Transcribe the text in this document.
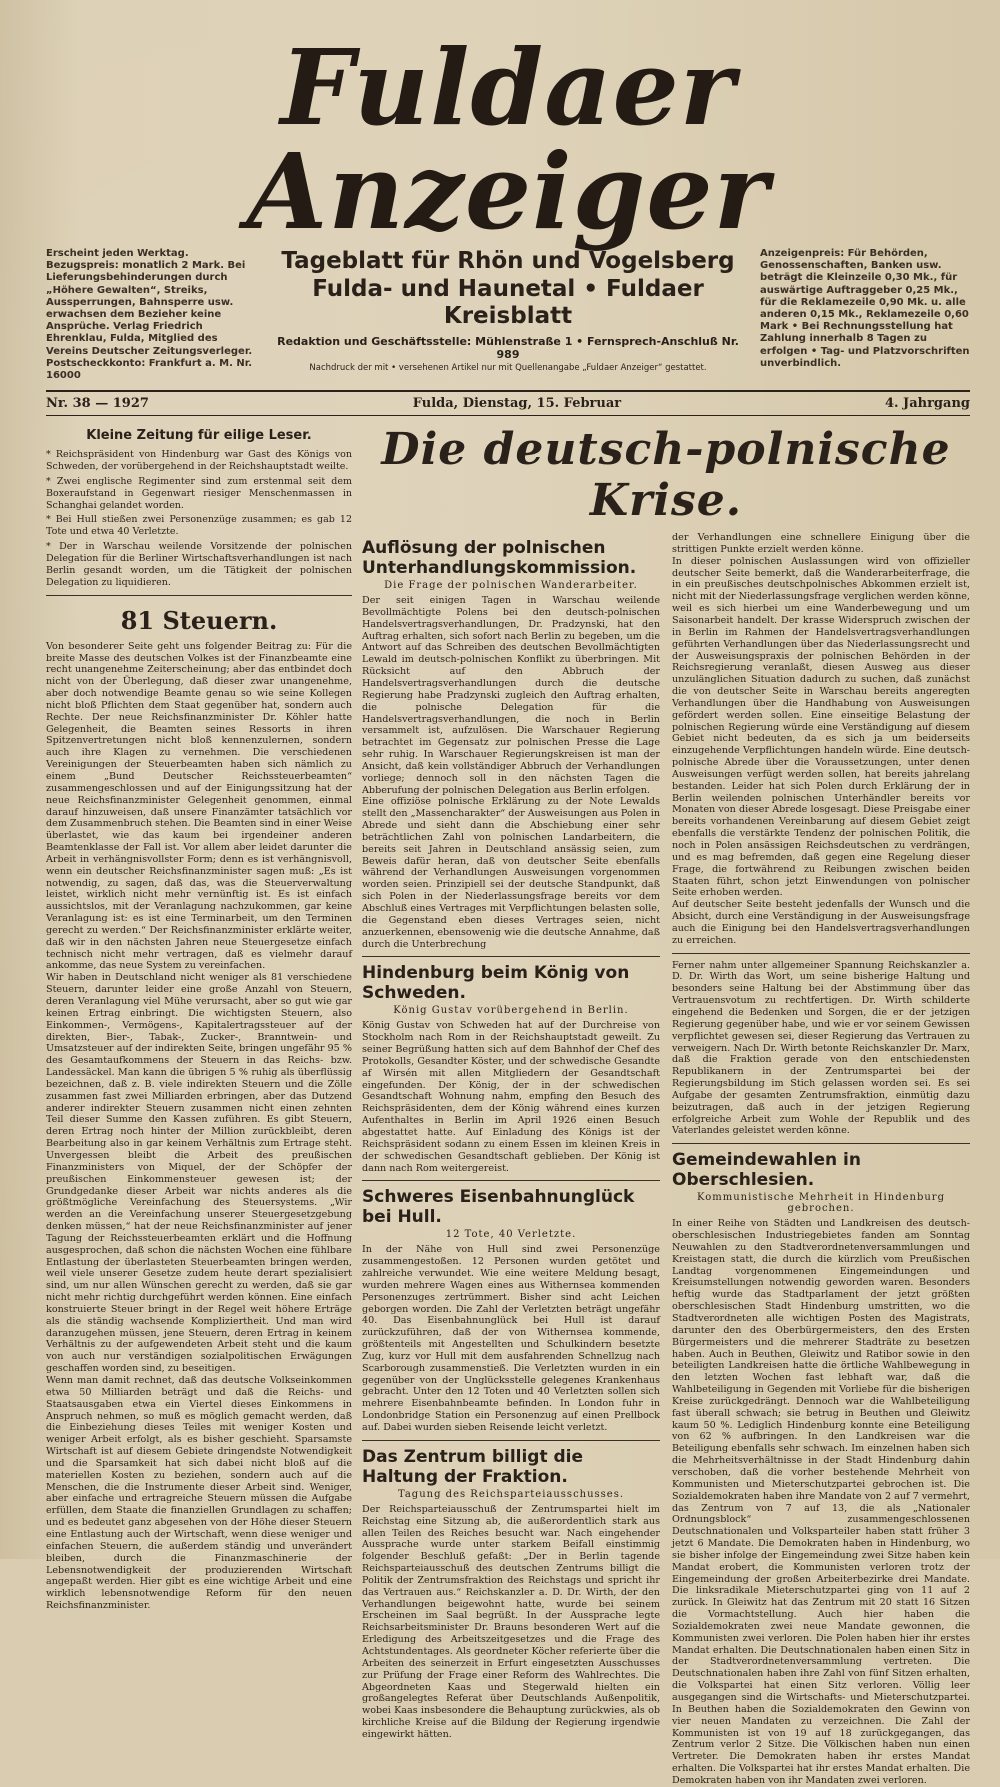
Fuldaer Anzeiger
Erscheint jeden Werktag. Bezugspreis: monatlich 2 Mark. Bei Lieferungsbehinderungen durch „Höhere Gewalten“, Streiks, Aussperrungen, Bahnsperre usw. erwachsen dem Bezieher keine Ansprüche. Verlag Friedrich Ehrenklau, Fulda, Mitglied des Vereins Deutscher Zeitungsverleger. Postscheckkonto: Frankfurt a. M. Nr. 16000
Tageblatt für Rhön und Vogelsberg
Fulda- und Haunetal • Fuldaer Kreisblatt
Redaktion und Geschäftsstelle: Mühlenstraße 1 • Fernsprech-Anschluß Nr. 989
Nachdruck der mit • versehenen Artikel nur mit Quellenangabe „Fuldaer Anzeiger“ gestattet.
Anzeigenpreis: Für Behörden, Genossenschaften, Banken usw. beträgt die Kleinzeile 0,30 Mk., für auswärtige Auftraggeber 0,25 Mk., für die Reklamezeile 0,90 Mk. u. alle anderen 0,15 Mk., Reklamezeile 0,60 Mark • Bei Rechnungsstellung hat Zahlung innerhalb 8 Tagen zu erfolgen • Tag- und Platzvorschriften unverbindlich.
Nr. 38 — 1927	Fulda, Dienstag, 15. Februar	4. Jahrgang
Kleine Zeitung für eilige Leser.
* Reichspräsident von Hindenburg war Gast des Königs von Schweden, der vorübergehend in der Reichshauptstadt weilte.
* Zwei englische Regimenter sind zum erstenmal seit dem Boxeraufstand in Gegenwart riesiger Menschenmassen in Schanghai gelandet worden.
* Bei Hull stießen zwei Personenzüge zusammen; es gab 12 Tote und etwa 40 Verletzte.
* Der in Warschau weilende Vorsitzende der polnischen Delegation für die Berliner Wirtschaftsverhandlungen ist nach Berlin gesandt worden, um die Tätigkeit der polnischen Delegation zu liquidieren.
81 Steuern.

Von besonderer Seite geht uns folgender Beitrag zu: Für die breite Masse des deutschen Volkes ist der Finanzbeamte eine recht unangenehme Zeiterscheinung; aber das entbindet doch nicht von der Überlegung, daß dieser zwar unangenehme, aber doch notwendige Beamte genau so wie seine Kollegen nicht bloß Pflichten dem Staat gegenüber hat, sondern auch Rechte. Der neue Reichsfinanzminister Dr. Köhler hatte Gelegenheit, die Beamten seines Ressorts in ihren Spitzenvertretungen nicht bloß kennenzulernen, sondern auch ihre Klagen zu vernehmen. Die verschiedenen Vereinigungen der Steuerbeamten haben sich nämlich zu einem „Bund Deutscher Reichssteuerbeamten“ zusammengeschlossen und auf der Einigungssitzung hat der neue Reichsfinanzminister Gelegenheit genommen, einmal darauf hinzuweisen, daß unsere Finanzämter tatsächlich vor dem Zusammenbruch stehen. Die Beamten sind in einer Weise überlastet, wie das kaum bei irgendeiner anderen Beamtenklasse der Fall ist. Vor allem aber leidet darunter die Arbeit in verhängnisvollster Form; denn es ist verhängnisvoll, wenn ein deutscher Reichsfinanzminister sagen muß: „Es ist notwendig, zu sagen, daß das, was die Steuerverwaltung leistet, wirklich nicht mehr vernünftig ist. Es ist einfach aussichtslos, mit der Veranlagung nachzukommen, gar keine Veranlagung ist: es ist eine Terminarbeit, um den Terminen gerecht zu werden.“ Der Reichsfinanzminister erklärte weiter, daß wir in den nächsten Jahren neue Steuergesetze einfach technisch nicht mehr vertragen, daß es vielmehr darauf ankomme, das neue System zu vereinfachen.

Wir haben in Deutschland nicht weniger als 81 verschiedene Steuern, darunter leider eine große Anzahl von Steuern, deren Veranlagung viel Mühe verursacht, aber so gut wie gar keinen Ertrag einbringt. Die wichtigsten Steuern, also Einkommen-, Vermögens-, Kapitalertragssteuer auf der direkten, Bier-, Tabak-, Zucker-, Branntwein- und Umsatzsteuer auf der indirekten Seite, bringen ungefähr 95 % des Gesamtaufkommens der Steuern in das Reichs- bzw. Landessäckel. Man kann die übrigen 5 % ruhig als überflüssig bezeichnen, daß z. B. viele indirekten Steuern und die Zölle zusammen fast zwei Milliarden erbringen, aber das Dutzend anderer indirekter Steuern zusammen nicht einen zehnten Teil dieser Summe den Kassen zuführen. Es gibt Steuern, deren Ertrag noch hinter der Million zurückbleibt, deren Bearbeitung also in gar keinem Verhältnis zum Ertrage steht. Unvergessen bleibt die Arbeit des preußischen Finanzministers von Miquel, der der Schöpfer der preußischen Einkommensteuer gewesen ist; der Grundgedanke dieser Arbeit war nichts anderes als die größtmögliche Vereinfachung des Steuersystems. „Wir werden an die Vereinfachung unserer Steuergesetzgebung denken müssen,“ hat der neue Reichsfinanzminister auf jener Tagung der Reichssteuerbeamten erklärt und die Hoffnung ausgesprochen, daß schon die nächsten Wochen eine fühlbare Entlastung der überlasteten Steuerbeamten bringen werden, weil viele unserer Gesetze zudem heute derart spezialisiert sind, um nur allen Wünschen gerecht zu werden, daß sie gar nicht mehr richtig durchgeführt werden können. Eine einfach konstruierte Steuer bringt in der Regel weit höhere Erträge als die ständig wachsende Kompliziertheit. Und man wird daranzugehen müssen, jene Steuern, deren Ertrag in keinem Verhältnis zu der aufgewendeten Arbeit steht und die kaum von auch nur verständigen sozialpolitischen Erwägungen geschaffen worden sind, zu beseitigen.

Wenn man damit rechnet, daß das deutsche Volkseinkommen etwa 50 Milliarden beträgt und daß die Reichs- und Staatsausgaben etwa ein Viertel dieses Einkommens in Anspruch nehmen, so muß es möglich gemacht werden, daß die Einbeziehung dieses Teiles mit weniger Kosten und weniger Arbeit erfolgt, als es bisher geschieht. Sparsamste Wirtschaft ist auf diesem Gebiete dringendste Notwendigkeit und die Sparsamkeit hat sich dabei nicht bloß auf die materiellen Kosten zu beziehen, sondern auch auf die Menschen, die die Instrumente dieser Arbeit sind. Weniger, aber einfache und ertragreiche Steuern müssen die Aufgabe erfüllen, dem Staate die finanziellen Grundlagen zu schaffen; und es bedeutet ganz abgesehen von der Höhe dieser Steuern eine Entlastung auch der Wirtschaft, wenn diese weniger und einfachen Steuern, die außerdem ständig und unverändert bleiben, durch die Finanzmaschinerie der Lebensnotwendigkeit der produzierenden Wirtschaft angepaßt werden. Hier gibt es eine wichtige Arbeit und eine wirklich lebensnotwendige Reform für den neuen Reichsfinanzminister.

Die deutsch-polnische Krise.
Auflösung der polnischen Unterhandlungskommission.
Die Frage der polnischen Wanderarbeiter.

Der seit einigen Tagen in Warschau weilende Bevollmächtigte Polens bei den deutsch-polnischen Handelsvertragsverhandlungen, Dr. Pradzynski, hat den Auftrag erhalten, sich sofort nach Berlin zu begeben, um die Antwort auf das Schreiben des deutschen Bevollmächtigten Lewald im deutsch-polnischen Konflikt zu überbringen. Mit Rücksicht auf den Abbruch der Handelsvertragsverhandlungen durch die deutsche Regierung habe Pradzynski zugleich den Auftrag erhalten, die polnische Delegation für die Handelsvertragsverhandlungen, die noch in Berlin versammelt ist, aufzulösen. Die Warschauer Regierung betrachtet im Gegensatz zur polnischen Presse die Lage sehr ruhig. In Warschauer Regierungskreisen ist man der Ansicht, daß kein vollständiger Abbruch der Verhandlungen vorliege; dennoch soll in den nächsten Tagen die Abberufung der polnischen Delegation aus Berlin erfolgen.

Eine offiziöse polnische Erklärung zu der Note Lewalds stellt den „Massencharakter“ der Ausweisungen aus Polen in Abrede und sieht dann die Abschiebung einer sehr beträchtlichen Zahl von polnischen Landarbeitern, die bereits seit Jahren in Deutschland ansässig seien, zum Beweis dafür heran, daß von deutscher Seite ebenfalls während der Verhandlungen Ausweisungen vorgenommen worden seien. Prinzipiell sei der deutsche Standpunkt, daß sich Polen in der Niederlassungsfrage bereits vor dem Abschluß eines Vertrages mit Verpflichtungen belasten solle, die Gegenstand eben dieses Vertrages seien, nicht anzuerkennen, ebensowenig wie die deutsche Annahme, daß durch die Unterbrechung

Hindenburg beim König von Schweden.
König Gustav vorübergehend in Berlin.

König Gustav von Schweden hat auf der Durchreise von Stockholm nach Rom in der Reichshauptstadt geweilt. Zu seiner Begrüßung hatten sich auf dem Bahnhof der Chef des Protokolls, Gesandter Köster, und der schwedische Gesandte af Wirsén mit allen Mitgliedern der Gesandtschaft eingefunden. Der König, der in der schwedischen Gesandtschaft Wohnung nahm, empfing den Besuch des Reichspräsidenten, dem der König während eines kurzen Aufenthaltes in Berlin im April 1926 einen Besuch abgestattet hatte. Auf Einladung des Königs ist der Reichspräsident sodann zu einem Essen im kleinen Kreis in der schwedischen Gesandtschaft geblieben. Der König ist dann nach Rom weitergereist.

Schweres Eisenbahnunglück bei Hull.
12 Tote, 40 Verletzte.

In der Nähe von Hull sind zwei Personenzüge zusammengestoßen. 12 Personen wurden getötet und zahlreiche verwundet. Wie eine weitere Meldung besagt, wurden mehrere Wagen eines aus Withernsea kommenden Personenzuges zertrümmert. Bisher sind acht Leichen geborgen worden. Die Zahl der Verletzten beträgt ungefähr 40. Das Eisenbahnunglück bei Hull ist darauf zurückzuführen, daß der von Withernsea kommende, größtenteils mit Angestellten und Schulkindern besetzte Zug, kurz vor Hull mit dem ausfahrenden Schnellzug nach Scarborough zusammenstieß. Die Verletzten wurden in ein gegenüber von der Unglücksstelle gelegenes Krankenhaus gebracht. Unter den 12 Toten und 40 Verletzten sollen sich mehrere Eisenbahnbeamte befinden. In London fuhr in Londonbridge Station ein Personenzug auf einen Prellbock auf. Dabei wurden sieben Reisende leicht verletzt.

Das Zentrum billigt die Haltung der Fraktion.
Tagung des Reichsparteiausschusses.

Der Reichsparteiausschuß der Zentrumspartei hielt im Reichstag eine Sitzung ab, die außerordentlich stark aus allen Teilen des Reiches besucht war. Nach eingehender Aussprache wurde unter starkem Beifall einstimmig folgender Beschluß gefaßt: „Der in Berlin tagende Reichsparteiausschuß des deutschen Zentrums billigt die Politik der Zentrumsfraktion des Reichstags und spricht ihr das Vertrauen aus.“ Reichskanzler a. D. Dr. Wirth, der den Verhandlungen beigewohnt hatte, wurde bei seinem Erscheinen im Saal begrüßt. In der Aussprache legte Reichsarbeitsminister Dr. Brauns besonderen Wert auf die Erledigung des Arbeitszeitgesetzes und die Frage des Achtstundentages. Als geordneter Köcher referierte über die Arbeiten des seinerzeit in Erfurt eingesetzten Ausschusses zur Prüfung der Frage einer Reform des Wahlrechtes. Die Abgeordneten Kaas und Stegerwald hielten ein großangelegtes Referat über Deutschlands Außenpolitik, wobei Kaas insbesondere die Behauptung zurückwies, als ob kirchliche Kreise auf die Bildung der Regierung irgendwie eingewirkt hätten.

der Verhandlungen eine schnellere Einigung über die strittigen Punkte erzielt werden könne.

In dieser polnischen Auslassungen wird von offizieller deutscher Seite bemerkt, daß die Wanderarbeiterfrage, die in ein preußisches deutschpolnisches Abkommen erzielt ist, nicht mit der Niederlassungsfrage verglichen werden könne, weil es sich hierbei um eine Wanderbewegung und um Saisonarbeit handelt. Der krasse Widerspruch zwischen der in Berlin im Rahmen der Handelsvertragsverhandlungen geführten Verhandlungen über das Niederlassungsrecht und der Ausweisungspraxis der polnischen Behörden in der Reichsregierung veranlaßt, diesen Ausweg aus dieser unzulänglichen Situation dadurch zu suchen, daß zunächst die von deutscher Seite in Warschau bereits angeregten Verhandlungen über die Handhabung von Ausweisungen gefördert werden sollen. Eine einseitige Belastung der polnischen Regierung würde eine Verständigung auf diesem Gebiet nicht bedeuten, da es sich ja um beiderseits einzugehende Verpflichtungen handeln würde. Eine deutsch-polnische Abrede über die Voraussetzungen, unter denen Ausweisungen verfügt werden sollen, hat bereits jahrelang bestanden. Leider hat sich Polen durch Erklärung der in Berlin weilenden polnischen Unterhändler bereits vor Monaten von dieser Abrede losgesagt. Diese Preisgabe einer bereits vorhandenen Vereinbarung auf diesem Gebiet zeigt ebenfalls die verstärkte Tendenz der polnischen Politik, die noch in Polen ansässigen Reichsdeutschen zu verdrängen, und es mag befremden, daß gegen eine Regelung dieser Frage, die fortwährend zu Reibungen zwischen beiden Staaten führt, schon jetzt Einwendungen von polnischer Seite erhoben werden.

Auf deutscher Seite besteht jedenfalls der Wunsch und die Absicht, durch eine Verständigung in der Ausweisungsfrage auch die Einigung bei den Handelsvertragsverhandlungen zu erreichen.

Ferner nahm unter allgemeiner Spannung Reichskanzler a. D. Dr. Wirth das Wort, um seine bisherige Haltung und besonders seine Haltung bei der Abstimmung über das Vertrauensvotum zu rechtfertigen. Dr. Wirth schilderte eingehend die Bedenken und Sorgen, die er der jetzigen Regierung gegenüber habe, und wie er vor seinem Gewissen verpflichtet gewesen sei, dieser Regierung das Vertrauen zu verweigern. Nach Dr. Wirth betonte Reichskanzler Dr. Marx, daß die Fraktion gerade von den entschiedensten Republikanern in der Zentrumspartei bei der Regierungsbildung im Stich gelassen worden sei. Es sei Aufgabe der gesamten Zentrumsfraktion, einmütig dazu beizutragen, daß auch in der jetzigen Regierung erfolgreiche Arbeit zum Wohle der Republik und des Vaterlandes geleistet werden könne.

Gemeindewahlen in Oberschlesien.
Kommunistische Mehrheit in Hindenburg gebrochen.

In einer Reihe von Städten und Landkreisen des deutsch-oberschlesischen Industriegebietes fanden am Sonntag Neuwahlen zu den Stadtverordnetenversammlungen und Kreistagen statt, die durch die kürzlich vom Preußischen Landtag vorgenommenen Eingemeindungen und Kreisumstellungen notwendig geworden waren. Besonders heftig wurde das Stadtparlament der jetzt größten oberschlesischen Stadt Hindenburg umstritten, wo die Stadtverordneten alle wichtigen Posten des Magistrats, darunter den des Oberbürgermeisters, den des Ersten Bürgermeisters und die mehrerer Stadträte zu besetzen haben. Auch in Beuthen, Gleiwitz und Ratibor sowie in den beteiligten Landkreisen hatte die örtliche Wahlbewegung in den letzten Wochen fast lebhaft war, daß die Wahlbeteiligung in Gegenden mit Vorliebe für die bisherigen Kreise zurückgedrängt. Dennoch war die Wahlbeteiligung fast überall schwach; sie betrug in Beuthen und Gleiwitz kaum 50 %. Lediglich Hindenburg konnte eine Beteiligung von 62 % aufbringen. In den Landkreisen war die Beteiligung ebenfalls sehr schwach. Im einzelnen haben sich die Mehrheitsverhältnisse in der Stadt Hindenburg dahin verschoben, daß die vorher bestehende Mehrheit von Kommunisten und Mieterschutzpartei gebrochen ist. Die Sozialdemokraten haben ihre Mandate von 2 auf 7 vermehrt, das Zentrum von 7 auf 13, die als „Nationaler Ordnungsblock“ zusammengeschlossenen Deutschnationalen und Volksparteiler haben statt früher 3 jetzt 6 Mandate. Die Demokraten haben in Hindenburg, wo sie bisher infolge der Eingemeindung zwei Sitze haben kein Mandat erobert, die Kommunisten verloren trotz der Eingemeindung der großen Arbeiterbezirke drei Mandate. Die linksradikale Mieterschutzpartei ging von 11 auf 2 zurück. In Gleiwitz hat das Zentrum mit 20 statt 16 Sitzen die Vormachtstellung. Auch hier haben die Sozialdemokraten zwei neue Mandate gewonnen, die Kommunisten zwei verloren. Die Polen haben hier ihr erstes Mandat erhalten. Die Deutschnationalen haben einen Sitz in der Stadtverordnetenversammlung vertreten. Die Deutschnationalen haben ihre Zahl von fünf Sitzen erhalten, die Volkspartei hat einen Sitz verloren. Völlig leer ausgegangen sind die Wirtschafts- und Mieterschutzpartei. In Beuthen haben die Sozialdemokraten den Gewinn von vier neuen Mandaten zu verzeichnen. Die Zahl der Kommunisten ist von 19 auf 18 zurückgegangen, das Zentrum verlor 2 Sitze. Die Völkischen haben nun einen Vertreter. Die Demokraten haben ihr erstes Mandat erhalten. Die Volkspartei hat ihr erstes Mandat erhalten. Die Demokraten haben von ihr Mandaten zwei verloren.
